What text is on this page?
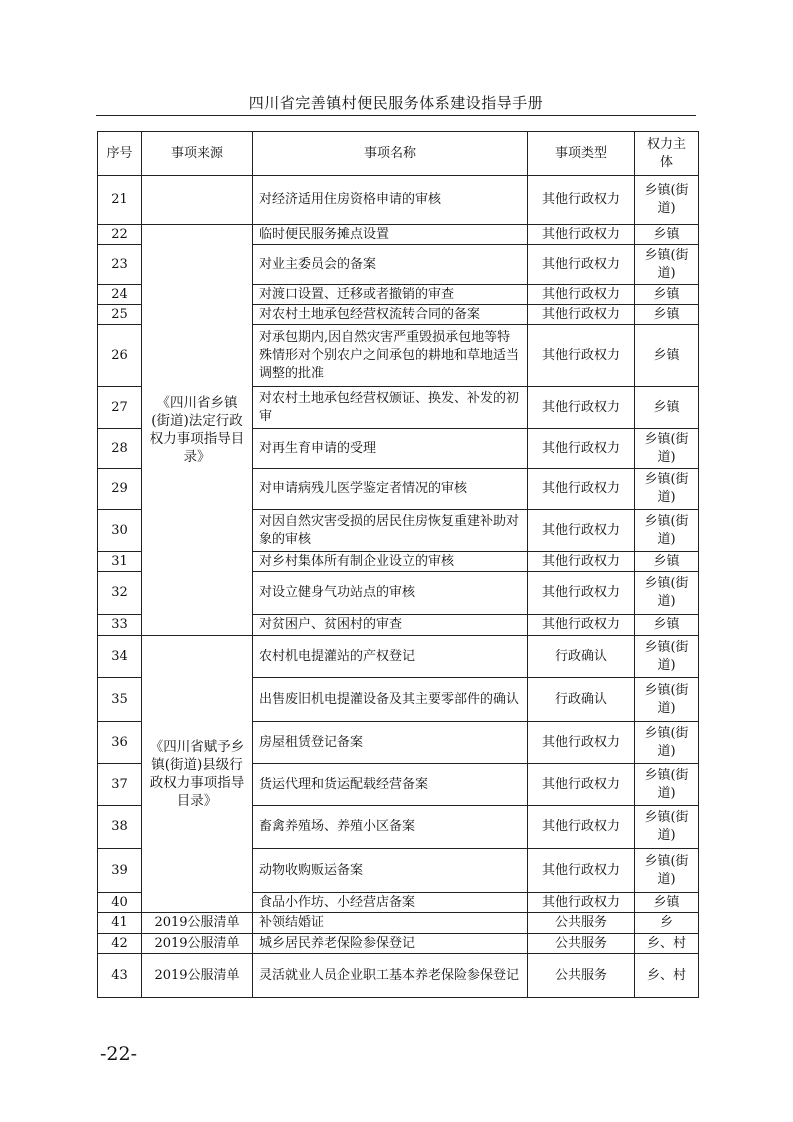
四川省完善镇村便民服务体系建设指导手册
序号	事项来源	事项名称	事项类型	权力主体
21		对经济适用住房资格申请的审核	其他行政权力	乡镇(街道)
22	《四川省乡镇(街道)法定行政权力事项指导目录》	临时便民服务摊点设置	其他行政权力	乡镇
23		对业主委员会的备案	其他行政权力	乡镇(街道)
24		对渡口设置、迁移或者撤销的审查	其他行政权力	乡镇
25		对农村土地承包经营权流转合同的备案	其他行政权力	乡镇
26		对承包期内,因自然灾害严重毁损承包地等特殊情形对个别农户之间承包的耕地和草地适当调整的批准	其他行政权力	乡镇
27		对农村土地承包经营权颁证、换发、补发的初审	其他行政权力	乡镇
28		对再生育申请的受理	其他行政权力	乡镇(街道)
29		对申请病残儿医学鉴定者情况的审核	其他行政权力	乡镇(街道)
30		对因自然灾害受损的居民住房恢复重建补助对象的审核	其他行政权力	乡镇(街道)
31		对乡村集体所有制企业设立的审核	其他行政权力	乡镇
32		对设立健身气功站点的审核	其他行政权力	乡镇(街道)
33		对贫困户、贫困村的审查	其他行政权力	乡镇
34	《四川省赋予乡镇(街道)县级行政权力事项指导目录》	农村机电提灌站的产权登记	行政确认	乡镇(街道)
35		出售废旧机电提灌设备及其主要零部件的确认	行政确认	乡镇(街道)
36		房屋租赁登记备案	其他行政权力	乡镇(街道)
37		货运代理和货运配载经营备案	其他行政权力	乡镇(街道)
38		畜禽养殖场、养殖小区备案	其他行政权力	乡镇(街道)
39		动物收购贩运备案	其他行政权力	乡镇(街道)
40		食品小作坊、小经营店备案	其他行政权力	乡镇
41	2019公服清单	补领结婚证	公共服务	乡
42	2019公服清单	城乡居民养老保险参保登记	公共服务	乡、村
43	2019公服清单	灵活就业人员企业职工基本养老保险参保登记	公共服务	乡、村
-22-
